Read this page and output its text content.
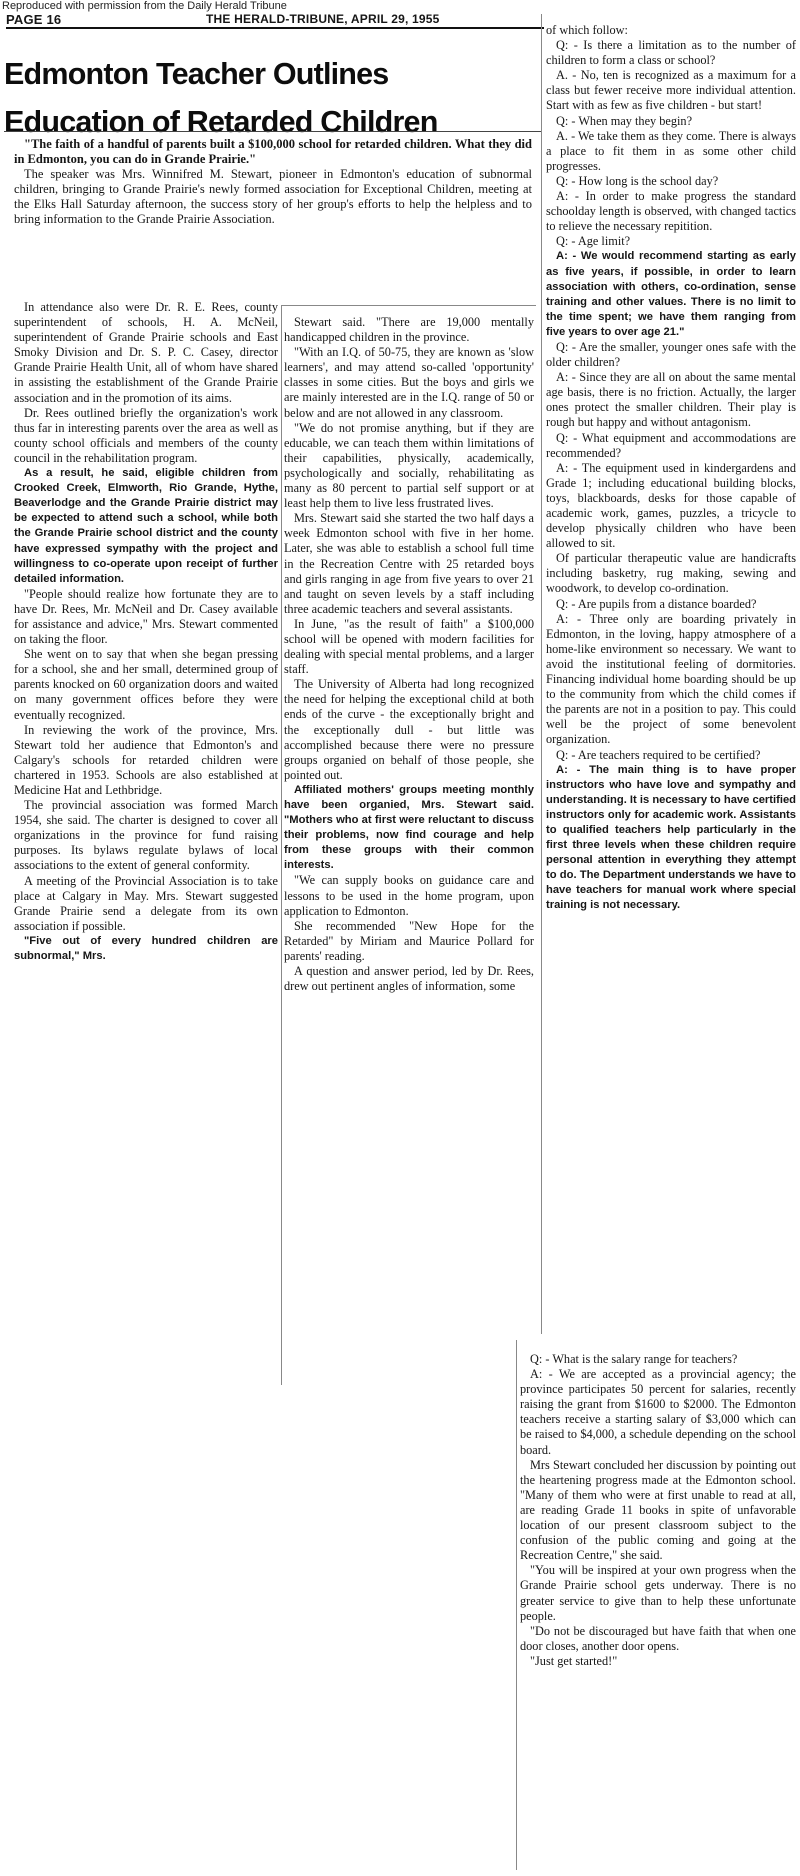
Reproduced with permission from the Daily Herald Tribune
PAGE 16	THE HERALD-TRIBUNE, APRIL 29, 1955
Edmonton Teacher Outlines
Education of Retarded Children

"The faith of a handful of parents built a $100,000 school for retarded children. What they did in Edmonton, you can do in Grande Prairie."

The speaker was Mrs. Winnifred M. Stewart, pioneer in Edmonton's education of subnormal children, bringing to Grande Prairie's newly formed association for Exceptional Children, meeting at the Elks Hall Saturday afternoon, the success story of her group's efforts to help the helpless and to bring information to the Grande Prairie Association.

In attendance also were Dr. R. E. Rees, county superintendent of schools, H. A. McNeil, superintendent of Grande Prairie schools and East Smoky Division and Dr. S. P. C. Casey, director Grande Prairie Health Unit, all of whom have shared in assisting the establishment of the Grande Prairie association and in the promotion of its aims.

Dr. Rees outlined briefly the organization's work thus far in interesting parents over the area as well as county school officials and members of the county council in the rehabilitation program.

As a result, he said, eligible children from Crooked Creek, Elmworth, Rio Grande, Hythe, Beaverlodge and the Grande Prairie district may be expected to attend such a school, while both the Grande Prairie school district and the county have expressed sympathy with the project and willingness to co-operate upon receipt of further detailed information.

"People should realize how fortunate they are to have Dr. Rees, Mr. McNeil and Dr. Casey available for assistance and advice," Mrs. Stewart commented on taking the floor.

She went on to say that when she began pressing for a school, she and her small, determined group of parents knocked on 60 organization doors and waited on many government offices before they were eventually recognized.

In reviewing the work of the province, Mrs. Stewart told her audience that Edmonton's and Calgary's schools for retarded children were chartered in 1953. Schools are also established at Medicine Hat and Lethbridge.

The provincial association was formed March 1954, she said. The charter is designed to cover all organizations in the province for fund raising purposes. Its bylaws regulate bylaws of local associations to the extent of general conformity.

A meeting of the Provincial Association is to take place at Calgary in May. Mrs. Stewart suggested Grande Prairie send a delegate from its own association if possible.

"Five out of every hundred children are subnormal," Mrs.

Stewart said. "There are 19,000 mentally handicapped children in the province.

"With an I.Q. of 50-75, they are known as 'slow learners', and may attend so-called 'opportunity' classes in some cities. But the boys and girls we are mainly interested are in the I.Q. range of 50 or below and are not allowed in any classroom.

"We do not promise anything, but if they are educable, we can teach them within limitations of their capabilities, physically, academically, psychologically and socially, rehabilitating as many as 80 percent to partial self support or at least help them to live less frustrated lives.

Mrs. Stewart said she started the two half days a week Edmonton school with five in her home. Later, she was able to establish a school full time in the Recreation Centre with 25 retarded boys and girls ranging in age from five years to over 21 and taught on seven levels by a staff including three academic teachers and several assistants.

In June, "as the result of faith" a $100,000 school will be opened with modern facilities for dealing with special mental problems, and a larger staff.

The University of Alberta had long recognized the need for helping the exceptional child at both ends of the curve - the exceptionally bright and the exceptionally dull - but little was accomplished because there were no pressure groups organied on behalf of those people, she pointed out.

Affiliated mothers' groups meeting monthly have been organied, Mrs. Stewart said. "Mothers who at first were reluctant to discuss their problems, now find courage and help from these groups with their common interests.

"We can supply books on guidance care and lessons to be used in the home program, upon application to Edmonton.

She recommended "New Hope for the Retarded" by Miriam and Maurice Pollard for parents' reading.

A question and answer period, led by Dr. Rees, drew out pertinent angles of information, some

of which follow:

Q: - Is there a limitation as to the number of children to form a class or school?

A. - No, ten is recognized as a maximum for a class but fewer receive more individual attention. Start with as few as five children - but start!

Q: - When may they begin?

A. - We take them as they come. There is always a place to fit them in as some other child progresses.

Q: - How long is the school day?

A: - In order to make progress the standard schoolday length is observed, with changed tactics to relieve the necessary repitition.

Q: - Age limit?

A: - We would recommend starting as early as five years, if possible, in order to learn association with others, co-ordination, sense training and other values. There is no limit to the time spent; we have them ranging from five years to over age 21."

Q: - Are the smaller, younger ones safe with the older children?

A: - Since they are all on about the same mental age basis, there is no friction. Actually, the larger ones protect the smaller children. Their play is rough but happy and without antagonism.

Q: - What equipment and accommodations are recommended?

A: - The equipment used in kindergardens and Grade 1; including educational building blocks, toys, blackboards, desks for those capable of academic work, games, puzzles, a tricycle to develop physically children who have been allowed to sit.

Of particular therapeutic value are handicrafts including basketry, rug making, sewing and woodwork, to develop co-ordination.

Q: - Are pupils from a distance boarded?

A: - Three only are boarding privately in Edmonton, in the loving, happy atmosphere of a home-like environment so necessary. We want to avoid the institutional feeling of dormitories. Financing individual home boarding should be up to the community from which the child comes if the parents are not in a position to pay. This could well be the project of some benevolent organization.

Q: - Are teachers required to be certified?

A: - The main thing is to have proper instructors who have love and sympathy and understanding. It is necessary to have certified instructors only for academic work. Assistants to qualified teachers help particularly in the first three levels when these children require personal attention in everything they attempt to do. The Department understands we have to have teachers for manual work where special training is not necessary.

Q: - What is the salary range for teachers?

A: - We are accepted as a provincial agency; the province participates 50 percent for salaries, recently raising the grant from $1600 to $2000. The Edmonton teachers receive a starting salary of $3,000 which can be raised to $4,000, a schedule depending on the school board.

Mrs Stewart concluded her discussion by pointing out the heartening progress made at the Edmonton school. "Many of them who were at first unable to read at all, are reading Grade 11 books in spite of unfavorable location of our present classroom subject to the confusion of the public coming and going at the Recreation Centre," she said.

"You will be inspired at your own progress when the Grande Prairie school gets underway. There is no greater service to give than to help these unfortunate people.

"Do not be discouraged but have faith that when one door closes, another door opens.

"Just get started!"
